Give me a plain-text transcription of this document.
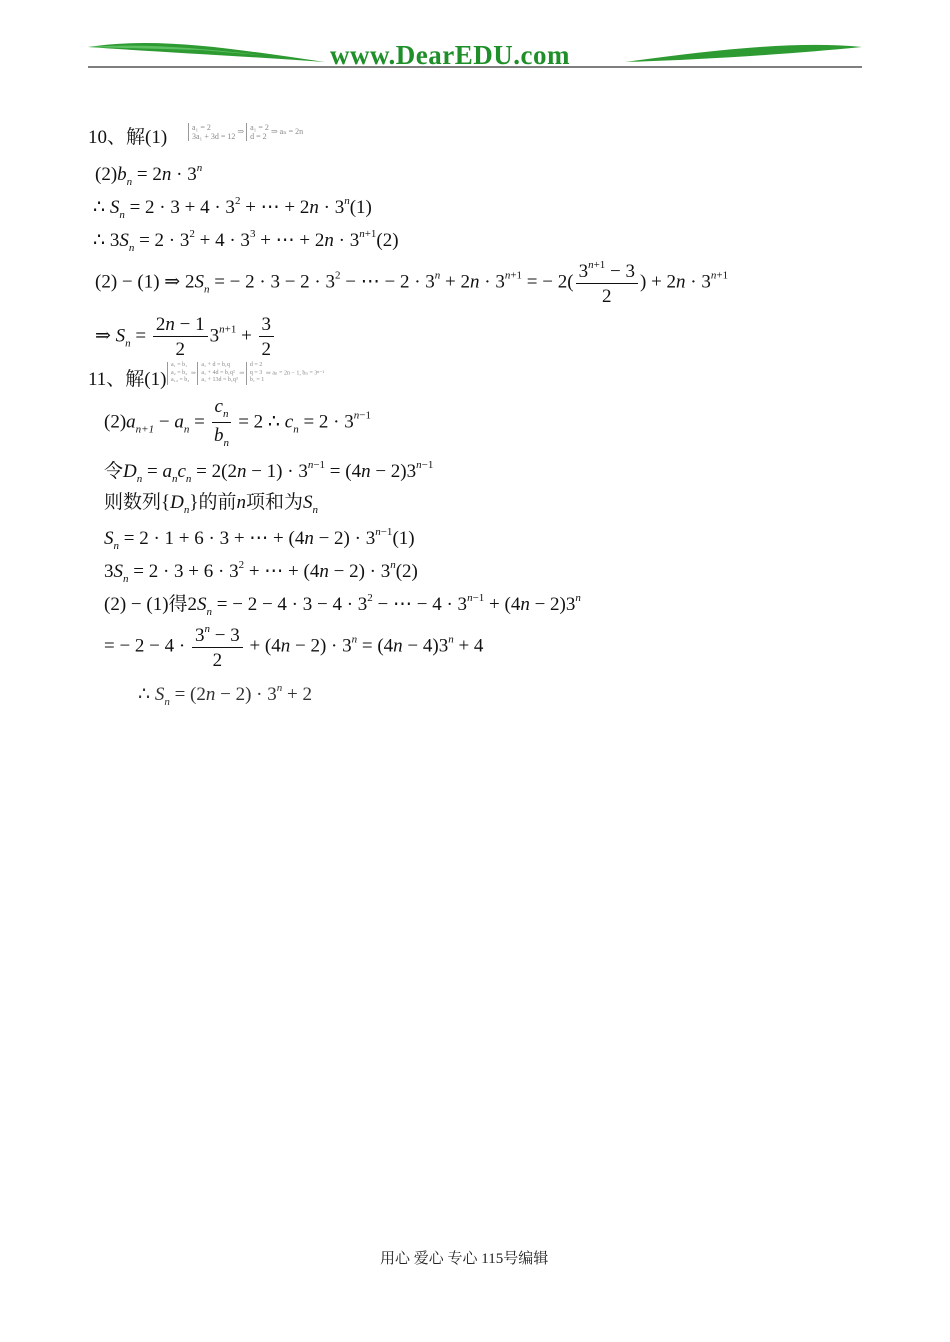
www.DearEDU.com
10、解(1)	a₁ = 2
3a₁ + 3d = 12 ⇒ a₁ = 2
d = 2 ⇒ aₙ = 2n
$(2)b_n = 2n \cdot 3^n$
∴ $S_n = 2 \cdot 3 + 4 \cdot 3^2$ + ⋯ + $2n \cdot 3^n(1)$
∴ $3S_n = 2 \cdot 3^2 + 4 \cdot 3^3$ + ⋯ + $2n \cdot 3^{n+1}(2)$
(2) − (1) ⇒ $2S_n$ = − $2 \cdot 3 - 2 \cdot 3^2$ − ⋯ − $2 \cdot 3^n + 2n \cdot 3^{n+1}$ = − $2( \frac{3^{n+1} - 3}{2}$ ) + $2n \cdot 3^{n+1}$
⇒ $S_n = \frac{2n - 1}{2} 3^{n+1} + \frac{3}{2}$
11、解(1)
a₁ = b₁
a₂ = b₂
a₁₄ = b₃ ⇒ a₁ + d = b₁q
a₁ + 4d = b₁q²
a₁ + 13d = b₁q³ ⇒ d = 2
q = 3
b₁ = 1 ⇒ aₙ = 2n − 1, bₙ = 3ⁿ⁻¹
$(2)a_{n+1} - a_n = \frac{c_n}{b_n} = 2$ ∴ $c_n = 2 \cdot 3^{n-1}$
令$D_n = a_nc_n = 2(2n - 1) \cdot 3^{n-1} = (4n - 2)3^{n-1}$
则数列$\{D_n\}$的前n项和为$S_n$
$S_n = 2 \cdot 1 + 6 \cdot 3$ + ⋯ + $(4n - 2) \cdot 3^{n-1}(1)$
$3S_n = 2 \cdot 3 + 6 \cdot 3^2$ + ⋯ + $(4n - 2) \cdot 3^n(2)$
(2) − (1)得$2S_n$ = − $2 - 4 \cdot 3 - 4 \cdot 3^2$ − ⋯ − $4 \cdot 3^{n-1} + (4n - 2)3^n$
= − $2 - 4 \cdot \frac{3^n - 3}{2} + (4n - 2) \cdot 3^n = (4n - 4)3^n + 4$
∴ $S_n = (2n - 2) \cdot 3^n + 2$
用心 爱心 专心 115号编辑
